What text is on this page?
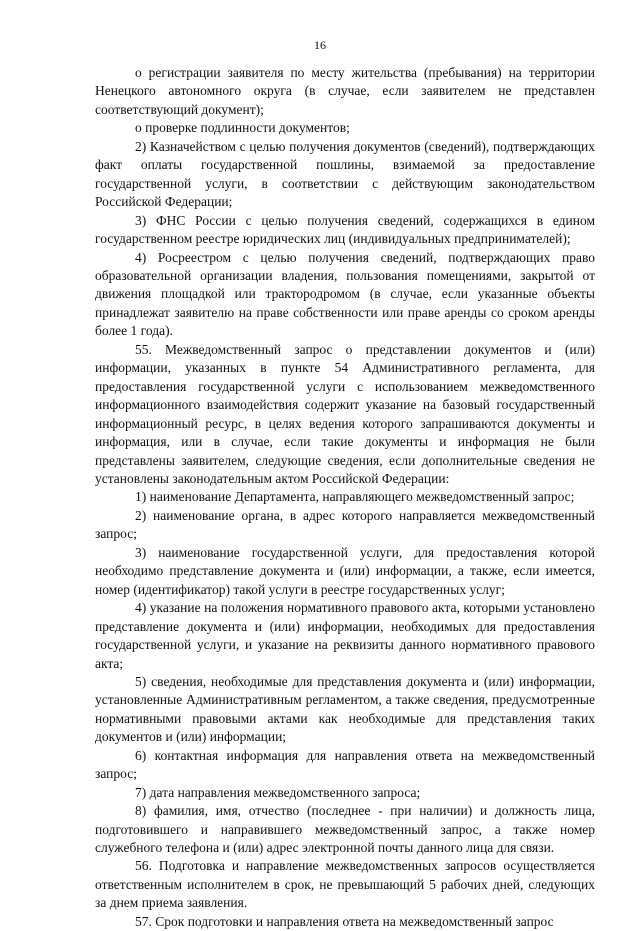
16

о регистрации заявителя по месту жительства (пребывания) на территории Ненецкого автономного округа (в случае, если заявителем не представлен соответствующий документ);

о проверке подлинности документов;

2) Казначейством с целью получения документов (сведений), подтверждающих факт оплаты государственной пошлины, взимаемой за предоставление государственной услуги, в соответствии с действующим законодательством Российской Федерации;

3) ФНС России с целью получения сведений, содержащихся в едином государственном реестре юридических лиц (индивидуальных предпринимателей);

4) Росреестром с целью получения сведений, подтверждающих право образовательной организации владения, пользования помещениями, закрытой от движения площадкой или трактородромом (в случае, если указанные объекты принадлежат заявителю на праве собственности или праве аренды со сроком аренды более 1 года).

55. Межведомственный запрос о представлении документов и (или) информации, указанных в пункте 54 Административного регламента, для предоставления государственной услуги с использованием межведомственного информационного взаимодействия содержит указание на базовый государственный информационный ресурс, в целях ведения которого запрашиваются документы и информация, или в случае, если такие документы и информация не были представлены заявителем, следующие сведения, если дополнительные сведения не установлены законодательным актом Российской Федерации:

1) наименование Департамента, направляющего межведомственный запрос;

2) наименование органа, в адрес которого направляется межведомственный запрос;

3) наименование государственной услуги, для предоставления которой необходимо представление документа и (или) информации, а также, если имеется, номер (идентификатор) такой услуги в реестре государственных услуг;

4) указание на положения нормативного правового акта, которыми установлено представление документа и (или) информации, необходимых для предоставления государственной услуги, и указание на реквизиты данного нормативного правового акта;

5) сведения, необходимые для представления документа и (или) информации, установленные Административным регламентом, а также сведения, предусмотренные нормативными правовыми актами как необходимые для представления таких документов и (или) информации;

6) контактная информация для направления ответа на межведомственный запрос;

7) дата направления межведомственного запроса;

8) фамилия, имя, отчество (последнее - при наличии) и должность лица, подготовившего и направившего межведомственный запрос, а также номер служебного телефона и (или) адрес электронной почты данного лица для связи.

56. Подготовка и направление межведомственных запросов осуществляется ответственным исполнителем в срок, не превышающий 5 рабочих дней, следующих за днем приема заявления.

57. Срок подготовки и направления ответа на межведомственный запрос
